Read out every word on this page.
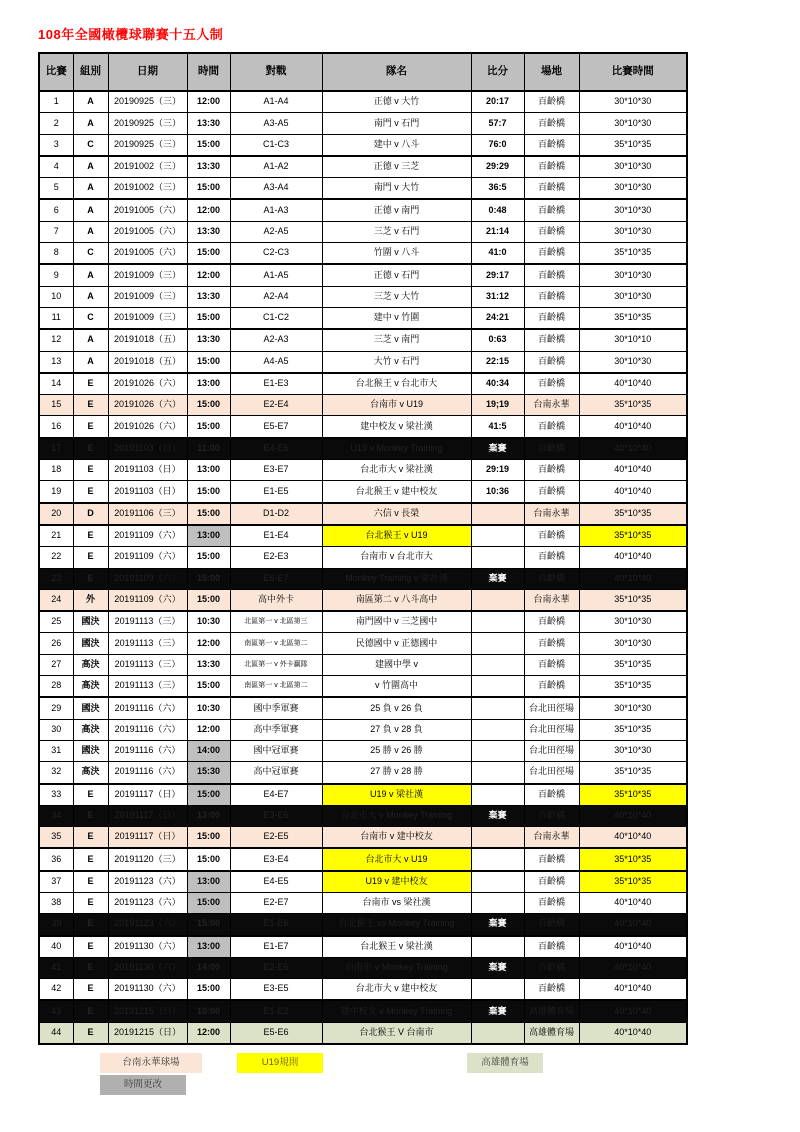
108年全國橄欖球聯賽十五人制
比賽	組別	日期	時間	對戰	隊名	比分	場地	比賽時間
1	A	20190925（三）	12:00	A1-A4	正德 v 大竹	20:17	百齡橋	30*10*30
2	A	20190925（三）	13:30	A3-A5	南門 v 石門	57:7	百齡橋	30*10*30
3	C	20190925（三）	15:00	C1-C3	建中 v 八斗	76:0	百齡橋	35*10*35
4	A	20191002（三）	13:30	A1-A2	正德 v 三芝	29:29	百齡橋	30*10*30
5	A	20191002（三）	15:00	A3-A4	南門 v 大竹	36:5	百齡橋	30*10*30
6	A	20191005（六）	12:00	A1-A3	正德 v 南門	0:48	百齡橋	30*10*30
7	A	20191005（六）	13:30	A2-A5	三芝 v 石門	21:14	百齡橋	30*10*30
8	C	20191005（六）	15:00	C2-C3	竹圍 v 八斗	41:0	百齡橋	35*10*35
9	A	20191009（三）	12:00	A1-A5	正德 v 石門	29:17	百齡橋	30*10*30
10	A	20191009（三）	13:30	A2-A4	三芝 v 大竹	31:12	百齡橋	30*10*30
11	C	20191009（三）	15:00	C1-C2	建中 v 竹圍	24:21	百齡橋	35*10*35
12	A	20191018（五）	13:30	A2-A3	三芝 v 南門	0:63	百齡橋	30*10*10
13	A	20191018（五）	15:00	A4-A5	大竹 v 石門	22:15	百齡橋	30*10*30
14	E	20191026（六）	13:00	E1-E3	台北猴王 v 台北市大	40:34	百齡橋	40*10*40
15	E	20191026（六）	15:00	E2-E4	台南市 v U19	19;19	台南永華	35*10*35
16	E	20191026（六）	15:00	E5-E7	建中校友 v 梁社漢	41:5	百齡橋	40*10*40
17	E	20191103（日）	11:00	E4-E6	U19 v Monkey Training	棄賽	百齡橋	40*10*40
18	E	20191103（日）	13:00	E3-E7	台北市大 v 梁社漢	29:19	百齡橋	40*10*40
19	E	20191103（日）	15:00	E1-E5	台北猴王 v 建中校友	10:36	百齡橋	40*10*40
20	D	20191106（三）	15:00	D1-D2	六信 v 長榮		台南永華	35*10*35
21	E	20191109（六）	13:00	E1-E4	台北猴王 v U19		百齡橋	35*10*35
22	E	20191109（六）	15:00	E2-E3	台南市 v 台北市大		百齡橋	40*10*40
23	E	20191109（六）	15:00	E6-E7	Monkey Training v 梁社漢	棄賽	百齡橋	40*10*40
24	外	20191109（六）	15:00	高中外卡	南區第二 v 八斗高中		台南永華	35*10*35
25	國決	20191113（三）	10:30	北區第一 v 北區第三	南門國中 v 三芝國中		百齡橋	30*10*30
26	國決	20191113（三）	12:00	南區第一 v 北區第二	民德國中 v 正德國中		百齡橋	30*10*30
27	高決	20191113（三）	13:30	北區第一 v 外卡贏隊	建國中學 v		百齡橋	35*10*35
28	高決	20191113（三）	15:00	南區第一 v 北區第二	v 竹圍高中		百齡橋	35*10*35
29	國決	20191116（六）	10:30	國中季軍賽	25 負 v 26 負		台北田徑場	30*10*30
30	高決	20191116（六）	12:00	高中季軍賽	27 負 v 28 負		台北田徑場	35*10*35
31	國決	20191116（六）	14:00	國中冠軍賽	25 勝 v 26 勝		台北田徑場	30*10*30
32	高決	20191116（六）	15:30	高中冠軍賽	27 勝 v 28 勝		台北田徑場	35*10*35
33	E	20191117（日）	15:00	E4-E7	U19 v 梁社漢		百齡橋	35*10*35
34	E	20191117（日）	13:00	E3-E6	台北市大 v Monkey Training	棄賽	百齡橋	40*10*40
35	E	20191117（日）	15:00	E2-E5	台南市 v 建中校友		台南永華	40*10*40
36	E	20191120（三）	15:00	E3-E4	台北市大 v U19		百齡橋	35*10*35
37	E	20191123（六）	13:00	E4-E5	U19 v 建中校友		百齡橋	35*10*35
38	E	20191123（六）	15:00	E2-E7	台南市 vs 梁社漢		百齡橋	40*10*40
39	E	20191123（六）	15:00	E1-E6	台北猴王 vs Monkey Training	棄賽	百齡橋	40*10*40
40	E	20191130（六）	13:00	E1-E7	台北猴王 v 梁社漢		百齡橋	40*10*40
41	E	20191130（六）	14:00	E2-E6	台南市 v Monkey Training	棄賽	百齡橋	40*10*40
42	E	20191130（六）	15:00	E3-E5	台北市大 v 建中校友		百齡橋	40*10*40
43	E	20191215（日）	10:00	E1-E2	建中校友 v Monkey Training	棄賽	高雄體育場	40*10*40
44	E	20191215（日）	12:00	E5-E6	台北猴王 V 台南市		高雄體育場	40*10*40
台南永華球場	U19規則	高雄體育場
時間更改
